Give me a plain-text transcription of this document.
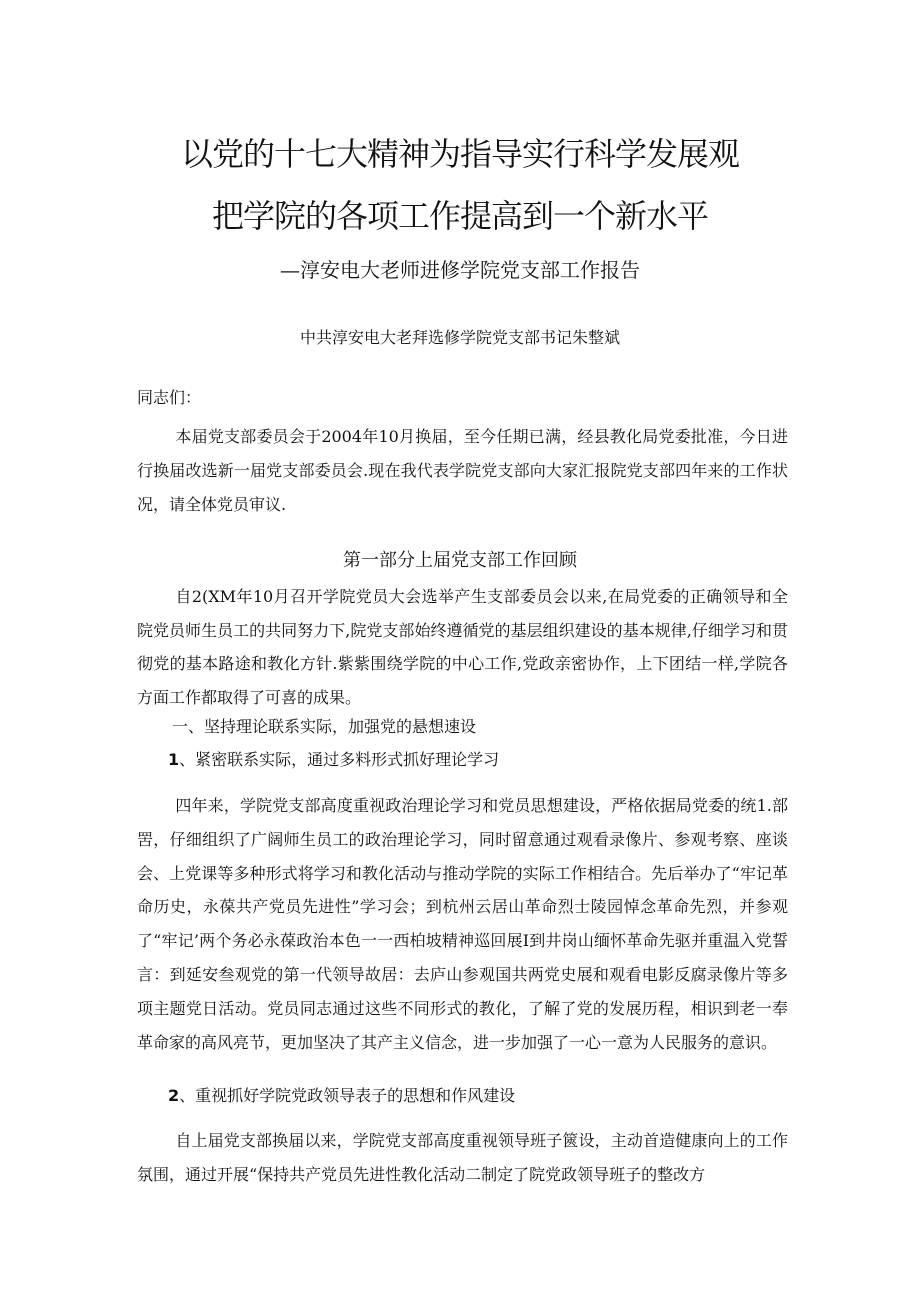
以党的十七大精神为指导实行科学发展观
把学院的各项工作提高到一个新水平
—淳安电大老师进修学院党支部工作报告
中共淳安电大老拜选修学院党支部书记朱整斌
同志们：

本届党支部委员会于2004年10月换届，至今任期已满，经县教化局党委批准，今日进行换届改选新一届党支部委员会.现在我代表学院党支部向大家汇报院党支部四年来的工作状况，请全体党员审议.

第一部分上届党支部工作回顾

自2(XM年10月召开学院党员大会选举产生支部委员会以来,在局党委的正确领导和全院党员师生员工的共同努力下,院党支部始终遵循党的基层组织建设的基本规律,仔细学习和贯彻党的基本路途和教化方针.紫紫围绕学院的中心工作,党政亲密协作，上下团结一样,学院各方面工作都取得了可喜的成果。

一、坚持理论联系实际，加强党的悬想速设
1、紧密联系实际，通过多料形式抓好理论学习

四年来，学院党支部高度重视政治理论学习和党员思想建设，严格依据局党委的统1.部罟，仔细组织了广阔师生员工的政治理论学习，同时留意通过观看录像片、参观考察、座谈会、上党课等多种形式将学习和教化活动与推动学院的实际工作相结合。先后举办了“牢记革命历史，永葆共产党员先进性”学习会；到杭州云居山革命烈士陵园悼念革命先烈，并参观了“牢记’两个务必永葆政治本色一一西柏坡精神巡回展I到井岗山缅怀革命先驱并重温入党誓言：到延安叁观党的第一代领导故居：去庐山参观国共两党史展和观看电影反腐录像片等多项主题党日活动。党员同志通过这些不同形式的教化，了解了党的发展历程，相识到老一奉革命家的高风亮节，更加坚决了其产主义信念，进一步加强了一心一意为人民服务的意识。

2、重视抓好学院党政领导表子的思想和作风建设

自上届党支部换届以来，学院党支部高度重视领导班子篋设，主动首造健康向上的工作氛围，通过开展“保持共产党员先进性教化活动二制定了院党政领导班子的整改方
